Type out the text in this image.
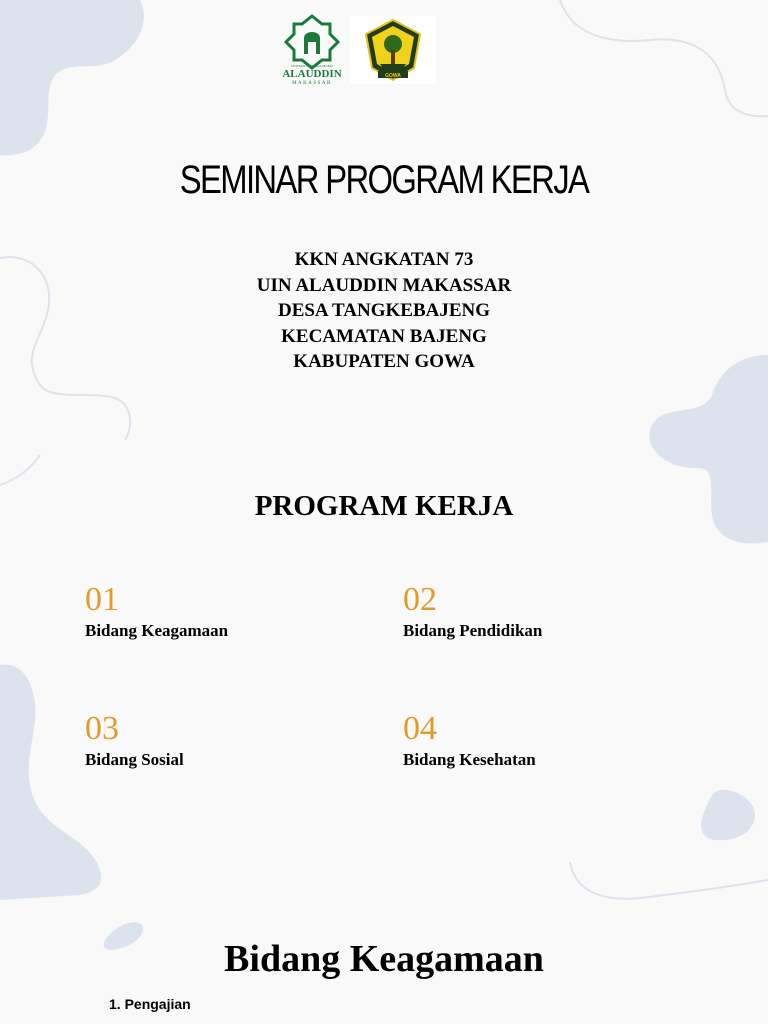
UNIVERSITAS ISLAM NEGERI
ALAUDDIN
MAKASSAR
GOWA
SEMINAR PROGRAM KERJA
KKN ANGKATAN 73
UIN ALAUDDIN MAKASSAR
DESA TANGKEBAJENG
KECAMATAN BAJENG
KABUPATEN GOWA
PROGRAM KERJA
01
Bidang Keagamaan
02
Bidang Pendidikan
03
Bidang Sosial
04
Bidang Kesehatan
Bidang Keagamaan
1. Pengajian
